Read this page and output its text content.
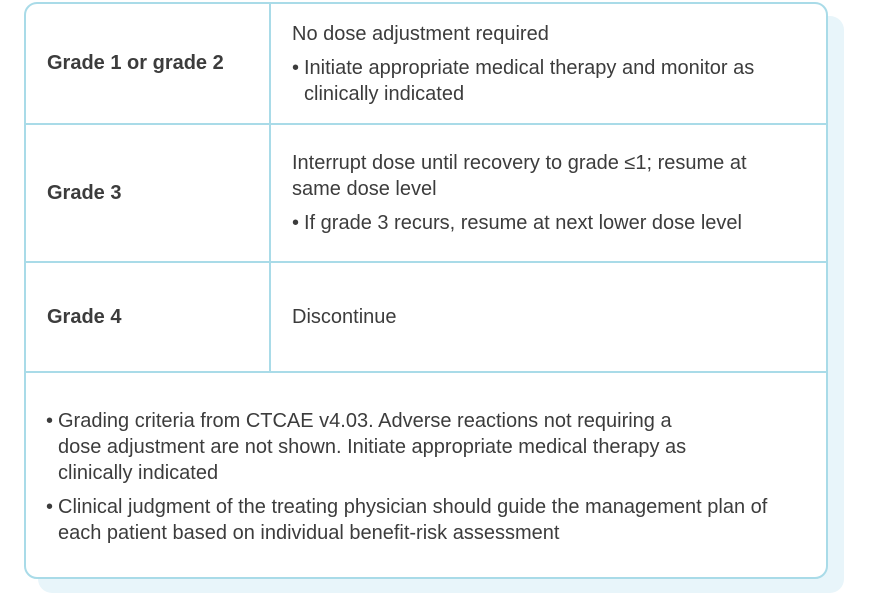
Grade 1 or grade 2
No dose adjustment required
• Initiate appropriate medical therapy and monitor as clinically indicated
Grade 3
Interrupt dose until recovery to grade ≤1; resume at same dose level
• If grade 3 recurs, resume at next lower dose level
Grade 4	Discontinue
• Grading criteria from CTCAE v4.03. Adverse reactions not requiring a dose adjustment are not shown. Initiate appropriate medical therapy as clinically indicated
• Clinical judgment of the treating physician should guide the management plan of each patient based on individual benefit-risk assessment
